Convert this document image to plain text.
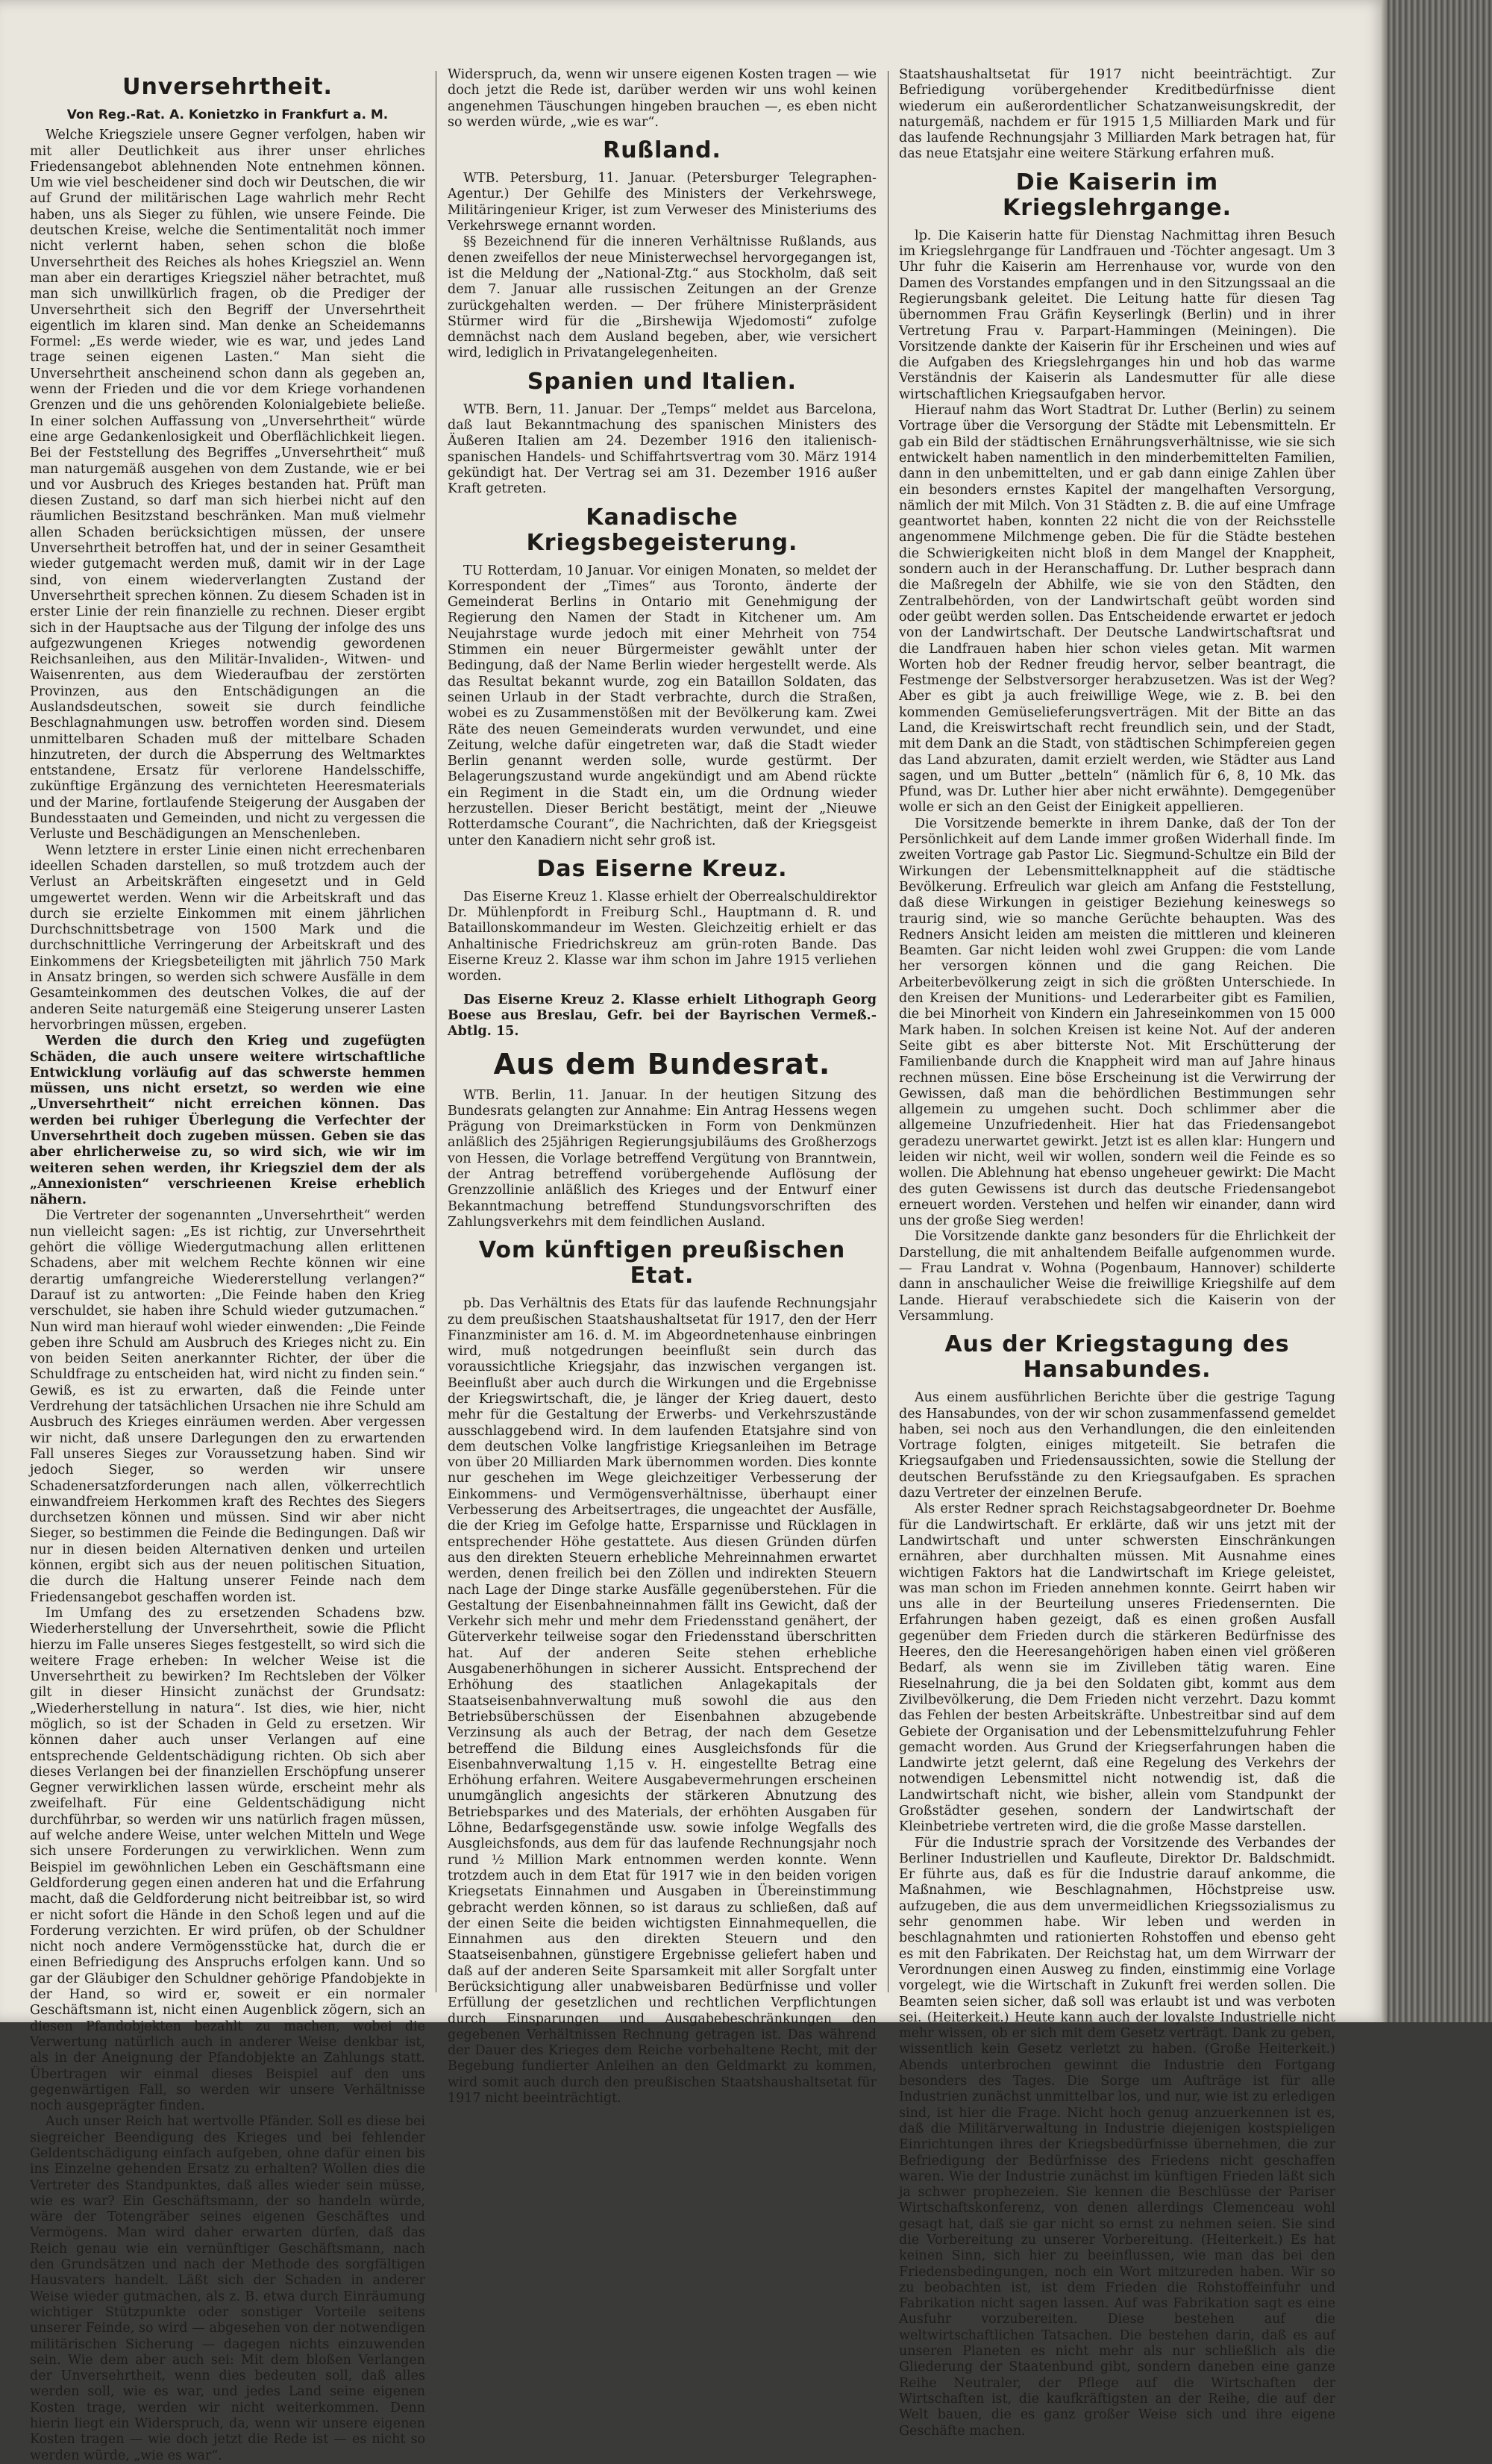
Unversehrtheit.
Von Reg.-Rat. A. Konietzko in Frankfurt a. M.

Welche Kriegsziele unsere Gegner verfolgen, haben wir mit aller Deutlichkeit aus ihrer unser ehrliches Friedensangebot ablehnenden Note entnehmen können. Um wie viel bescheidener sind doch wir Deutschen, die wir auf Grund der militärischen Lage wahrlich mehr Recht haben, uns als Sieger zu fühlen, wie unsere Feinde. Die deutschen Kreise, welche die Sentimentalität noch immer nicht verlernt haben, sehen schon die bloße Unversehrtheit des Reiches als hohes Kriegsziel an. Wenn man aber ein derartiges Kriegsziel näher betrachtet, muß man sich unwillkürlich fragen, ob die Prediger der Unversehrtheit sich den Begriff der Unversehrtheit eigentlich im klaren sind. Man denke an Scheidemanns Formel: „Es werde wieder, wie es war, und jedes Land trage seinen eigenen Lasten.“ Man sieht die Unversehrtheit anscheinend schon dann als gegeben an, wenn der Frieden und die vor dem Kriege vorhandenen Grenzen und die uns gehörenden Kolonialgebiete beließe. In einer solchen Auffassung von „Unversehrtheit“ würde eine arge Gedankenlosigkeit und Oberflächlichkeit liegen. Bei der Feststellung des Begriffes „Unversehrtheit“ muß man naturgemäß ausgehen von dem Zustande, wie er bei und vor Ausbruch des Krieges bestanden hat. Prüft man diesen Zustand, so darf man sich hierbei nicht auf den räumlichen Besitzstand beschränken. Man muß vielmehr allen Schaden berücksichtigen müssen, der unsere Unversehrtheit betroffen hat, und der in seiner Gesamtheit wieder gutgemacht werden muß, damit wir in der Lage sind, von einem wiederverlangten Zustand der Unversehrtheit sprechen können. Zu diesem Schaden ist in erster Linie der rein finanzielle zu rechnen. Dieser ergibt sich in der Hauptsache aus der Tilgung der infolge des uns aufgezwungenen Krieges notwendig gewordenen Reichsanleihen, aus den Militär-Invaliden-, Witwen- und Waisenrenten, aus dem Wiederaufbau der zerstörten Provinzen, aus den Entschädigungen an die Auslandsdeutschen, soweit sie durch feindliche Beschlagnahmungen usw. betroffen worden sind. Diesem unmittelbaren Schaden muß der mittelbare Schaden hinzutreten, der durch die Absperrung des Weltmarktes entstandene, Ersatz für verlorene Handelsschiffe, zukünftige Ergänzung des vernichteten Heeresmaterials und der Marine, fortlaufende Steigerung der Ausgaben der Bundesstaaten und Gemeinden, und nicht zu vergessen die Verluste und Beschädigungen an Menschenleben.

Wenn letztere in erster Linie einen nicht errechenbaren ideellen Schaden darstellen, so muß trotzdem auch der Verlust an Arbeitskräften eingesetzt und in Geld umgewertet werden. Wenn wir die Arbeitskraft und das durch sie erzielte Einkommen mit einem jährlichen Durchschnittsbetrage von 1500 Mark und die durchschnittliche Verringerung der Arbeitskraft und des Einkommens der Kriegsbeteiligten mit jährlich 750 Mark in Ansatz bringen, so werden sich schwere Ausfälle in dem Gesamteinkommen des deutschen Volkes, die auf der anderen Seite naturgemäß eine Steigerung unserer Lasten hervorbringen müssen, ergeben.

Werden die durch den Krieg und zugefügten Schäden, die auch unsere weitere wirtschaftliche Entwicklung vorläufig auf das schwerste hemmen müssen, uns nicht ersetzt, so werden wie eine „Unversehrtheit“ nicht erreichen können. Das werden bei ruhiger Überlegung die Verfechter der Unversehrtheit doch zugeben müssen. Geben sie das aber ehrlicherweise zu, so wird sich, wie wir im weiteren sehen werden, ihr Kriegsziel dem der als „Annexionisten“ verschrieenen Kreise erheblich nähern.

Die Vertreter der sogenannten „Unversehrtheit“ werden nun vielleicht sagen: „Es ist richtig, zur Unversehrtheit gehört die völlige Wiedergutmachung allen erlittenen Schadens, aber mit welchem Rechte können wir eine derartig umfangreiche Wiedererstellung verlangen?“ Darauf ist zu antworten: „Die Feinde haben den Krieg verschuldet, sie haben ihre Schuld wieder gutzumachen.“ Nun wird man hierauf wohl wieder einwenden: „Die Feinde geben ihre Schuld am Ausbruch des Krieges nicht zu. Ein von beiden Seiten anerkannter Richter, der über die Schuldfrage zu entscheiden hat, wird nicht zu finden sein.“ Gewiß, es ist zu erwarten, daß die Feinde unter Verdrehung der tatsächlichen Ursachen nie ihre Schuld am Ausbruch des Krieges einräumen werden. Aber vergessen wir nicht, daß unsere Darlegungen den zu erwartenden Fall unseres Sieges zur Voraussetzung haben. Sind wir jedoch Sieger, so werden wir unsere Schadenersatzforderungen nach allen, völkerrechtlich einwandfreiem Herkommen kraft des Rechtes des Siegers durchsetzen können und müssen. Sind wir aber nicht Sieger, so bestimmen die Feinde die Bedingungen. Daß wir nur in diesen beiden Alternativen denken und urteilen können, ergibt sich aus der neuen politischen Situation, die durch die Haltung unserer Feinde nach dem Friedensangebot geschaffen worden ist.

Im Umfang des zu ersetzenden Schadens bzw. Wiederherstellung der Unversehrtheit, sowie die Pflicht hierzu im Falle unseres Sieges festgestellt, so wird sich die weitere Frage erheben: In welcher Weise ist die Unversehrtheit zu bewirken? Im Rechtsleben der Völker gilt in dieser Hinsicht zunächst der Grundsatz: „Wiederherstellung in natura“. Ist dies, wie hier, nicht möglich, so ist der Schaden in Geld zu ersetzen. Wir können daher auch unser Verlangen auf eine entsprechende Geldentschädigung richten. Ob sich aber dieses Verlangen bei der finanziellen Erschöpfung unserer Gegner verwirklichen lassen würde, erscheint mehr als zweifelhaft. Für eine Geldentschädigung nicht durchführbar, so werden wir uns natürlich fragen müssen, auf welche andere Weise, unter welchen Mitteln und Wege sich unsere Forderungen zu verwirklichen. Wenn zum Beispiel im gewöhnlichen Leben ein Geschäftsmann eine Geldforderung gegen einen anderen hat und die Erfahrung macht, daß die Geldforderung nicht beitreibbar ist, so wird er nicht sofort die Hände in den Schoß legen und auf die Forderung verzichten. Er wird prüfen, ob der Schuldner nicht noch andere Vermögensstücke hat, durch die er einen Befriedigung des Anspruchs erfolgen kann. Und so gar der Gläubiger den Schuldner gehörige Pfandobjekte in der Hand, so wird er, soweit er ein normaler Geschäftsmann ist, nicht einen Augenblick zögern, sich an diesen Pfandobjekten bezahlt zu machen, wobei die Verwertung natürlich auch in anderer Weise denkbar ist, als in der Aneignung der Pfandobjekte an Zahlungs statt. Übertragen wir einmal dieses Beispiel auf den uns gegenwärtigen Fall, so werden wir unsere Verhältnisse noch ausgeprägter finden.

Auch unser Reich hat wertvolle Pfänder. Soll es diese bei siegreicher Beendigung des Krieges und bei fehlender Geldentschädigung einfach aufgeben, ohne dafür einen bis ins Einzelne gehenden Ersatz zu erhalten? Wollen dies die Vertreter des Standpunktes, daß alles wieder sein müsse, wie es war? Ein Geschäftsmann, der so handeln würde, wäre der Totengräber seines eigenen Geschäftes und Vermögens. Man wird daher erwarten dürfen, daß das Reich genau wie ein vernünftiger Geschäftsmann, nach den Grundsätzen und nach der Methode des sorgfältigen Hausvaters handelt. Läßt sich der Schaden in anderer Weise wieder gutmachen, als z. B. etwa durch Einräumung wichtiger Stützpunkte oder sonstiger Vorteile seitens unserer Feinde, so wird — abgesehen von der notwendigen militärischen Sicherung — dagegen nichts einzuwenden sein. Wie dem aber auch sei: Mit dem bloßen Verlangen der Unversehrtheit, wenn dies bedeuten soll, daß alles werden soll, wie es war, und jedes Land seine eigenen Kosten trage, werden wir nicht weiterkommen. Denn hierin liegt ein Widerspruch, da, wenn wir unsere eigenen Kosten tragen — wie doch jetzt die Rede ist — es nicht so werden würde, „wie es war“.

Widerspruch, da, wenn wir unsere eigenen Kosten tragen — wie doch jetzt die Rede ist, darüber werden wir uns wohl keinen angenehmen Täuschungen hingeben brauchen —, es eben nicht so werden würde, „wie es war“.

Rußland.

WTB. Petersburg, 11. Januar. (Petersburger Telegraphen-Agentur.) Der Gehilfe des Ministers der Verkehrswege, Militäringenieur Kriger, ist zum Verweser des Ministeriums des Verkehrswege ernannt worden.

§§ Bezeichnend für die inneren Verhältnisse Rußlands, aus denen zweifellos der neue Ministerwechsel hervorgegangen ist, ist die Meldung der „National-Ztg.“ aus Stockholm, daß seit dem 7. Januar alle russischen Zeitungen an der Grenze zurückgehalten werden. — Der frühere Ministerpräsident Stürmer wird für die „Birshewija Wjedomosti“ zufolge demnächst nach dem Ausland begeben, aber, wie versichert wird, lediglich in Privatangelegenheiten.

Spanien und Italien.

WTB. Bern, 11. Januar. Der „Temps“ meldet aus Barcelona, daß laut Bekanntmachung des spanischen Ministers des Äußeren Italien am 24. Dezember 1916 den italienisch-spanischen Handels- und Schiffahrtsvertrag vom 30. März 1914 gekündigt hat. Der Vertrag sei am 31. Dezember 1916 außer Kraft getreten.

Kanadische Kriegsbegeisterung.

TU Rotterdam, 10 Januar. Vor einigen Monaten, so meldet der Korrespondent der „Times“ aus Toronto, änderte der Gemeinderat Berlins in Ontario mit Genehmigung der Regierung den Namen der Stadt in Kitchener um. Am Neujahrstage wurde jedoch mit einer Mehrheit von 754 Stimmen ein neuer Bürgermeister gewählt unter der Bedingung, daß der Name Berlin wieder hergestellt werde. Als das Resultat bekannt wurde, zog ein Bataillon Soldaten, das seinen Urlaub in der Stadt verbrachte, durch die Straßen, wobei es zu Zusammenstößen mit der Bevölkerung kam. Zwei Räte des neuen Gemeinderats wurden verwundet, und eine Zeitung, welche dafür eingetreten war, daß die Stadt wieder Berlin genannt werden solle, wurde gestürmt. Der Belagerungszustand wurde angekündigt und am Abend rückte ein Regiment in die Stadt ein, um die Ordnung wieder herzustellen. Dieser Bericht bestätigt, meint der „Nieuwe Rotterdamsche Courant“, die Nachrichten, daß der Kriegsgeist unter den Kanadiern nicht sehr groß ist.

Das Eiserne Kreuz.

Das Eiserne Kreuz 1. Klasse erhielt der Oberrealschuldirektor Dr. Mühlenpfordt in Freiburg Schl., Hauptmann d. R. und Bataillonskommandeur im Westen. Gleichzeitig erhielt er das Anhaltinische Friedrichskreuz am grün-roten Bande. Das Eiserne Kreuz 2. Klasse war ihm schon im Jahre 1915 verliehen worden.

Das Eiserne Kreuz 2. Klasse erhielt Lithograph Georg Boese aus Breslau, Gefr. bei der Bayrischen Vermeß.-Abtlg. 15.

Aus dem Bundesrat.

WTB. Berlin, 11. Januar. In der heutigen Sitzung des Bundesrats gelangten zur Annahme: Ein Antrag Hessens wegen Prägung von Dreimarkstücken in Form von Denkmünzen anläßlich des 25jährigen Regierungsjubiläums des Großherzogs von Hessen, die Vorlage betreffend Vergütung von Branntwein, der Antrag betreffend vorübergehende Auflösung der Grenzzollinie anläßlich des Krieges und der Entwurf einer Bekanntmachung betreffend Stundungsvorschriften des Zahlungsverkehrs mit dem feindlichen Ausland.

Vom künftigen preußischen Etat.

pb. Das Verhältnis des Etats für das laufende Rechnungsjahr zu dem preußischen Staatshaushaltsetat für 1917, den der Herr Finanzminister am 16. d. M. im Abgeordnetenhause einbringen wird, muß notgedrungen beeinflußt sein durch das voraussichtliche Kriegsjahr, das inzwischen vergangen ist. Beeinflußt aber auch durch die Wirkungen und die Ergebnisse der Kriegswirtschaft, die, je länger der Krieg dauert, desto mehr für die Gestaltung der Erwerbs- und Verkehrszustände ausschlaggebend wird. In dem laufenden Etatsjahre sind von dem deutschen Volke langfristige Kriegsanleihen im Betrage von über 20 Milliarden Mark übernommen worden. Dies konnte nur geschehen im Wege gleichzeitiger Verbesserung der Einkommens- und Vermögensverhältnisse, überhaupt einer Verbesserung des Arbeitsertrages, die ungeachtet der Ausfälle, die der Krieg im Gefolge hatte, Ersparnisse und Rücklagen in entsprechender Höhe gestattete. Aus diesen Gründen dürfen aus den direkten Steuern erhebliche Mehreinnahmen erwartet werden, denen freilich bei den Zöllen und indirekten Steuern nach Lage der Dinge starke Ausfälle gegenüberstehen. Für die Gestaltung der Eisenbahneinnahmen fällt ins Gewicht, daß der Verkehr sich mehr und mehr dem Friedensstand genähert, der Güterverkehr teilweise sogar den Friedensstand überschritten hat. Auf der anderen Seite stehen erhebliche Ausgabenerhöhungen in sicherer Aussicht. Entsprechend der Erhöhung des staatlichen Anlagekapitals der Staatseisenbahnverwaltung muß sowohl die aus den Betriebsüberschüssen der Eisenbahnen abzugebende Verzinsung als auch der Betrag, der nach dem Gesetze betreffend die Bildung eines Ausgleichsfonds für die Eisenbahnverwaltung 1,15 v. H. eingestellte Betrag eine Erhöhung erfahren. Weitere Ausgabevermehrungen erscheinen unumgänglich angesichts der stärkeren Abnutzung des Betriebsparkes und des Materials, der erhöhten Ausgaben für Löhne, Bedarfsgegenstände usw. sowie infolge Wegfalls des Ausgleichsfonds, aus dem für das laufende Rechnungsjahr noch rund ½ Million Mark entnommen werden konnte. Wenn trotzdem auch in dem Etat für 1917 wie in den beiden vorigen Kriegsetats Einnahmen und Ausgaben in Übereinstimmung gebracht werden können, so ist daraus zu schließen, daß auf der einen Seite die beiden wichtigsten Einnahmequellen, die Einnahmen aus den direkten Steuern und den Staatseisenbahnen, günstigere Ergebnisse geliefert haben und daß auf der anderen Seite Sparsamkeit mit aller Sorgfalt unter Berücksichtigung aller unabweisbaren Bedürfnisse und voller Erfüllung der gesetzlichen und rechtlichen Verpflichtungen durch Einsparungen und Ausgabebeschränkungen den gegebenen Verhältnissen Rechnung getragen ist. Das während der Dauer des Krieges dem Reiche vorbehaltene Recht, mit der Begebung fundierter Anleihen an den Geldmarkt zu kommen, wird somit auch durch den preußischen Staatshaushaltsetat für 1917 nicht beeinträchtigt.

Staatshaushaltsetat für 1917 nicht beeinträchtigt. Zur Befriedigung vorübergehender Kreditbedürfnisse dient wiederum ein außerordentlicher Schatzanweisungskredit, der naturgemäß, nachdem er für 1915 1,5 Milliarden Mark und für das laufende Rechnungsjahr 3 Milliarden Mark betragen hat, für das neue Etatsjahr eine weitere Stärkung erfahren muß.

Die Kaiserin im Kriegslehrgange.

lp. Die Kaiserin hatte für Dienstag Nachmittag ihren Besuch im Kriegslehrgange für Landfrauen und -Töchter angesagt. Um 3 Uhr fuhr die Kaiserin am Herrenhause vor, wurde von den Damen des Vorstandes empfangen und in den Sitzungssaal an die Regierungsbank geleitet. Die Leitung hatte für diesen Tag übernommen Frau Gräfin Keyserlingk (Berlin) und in ihrer Vertretung Frau v. Parpart-Hammingen (Meiningen). Die Vorsitzende dankte der Kaiserin für ihr Erscheinen und wies auf die Aufgaben des Kriegslehrganges hin und hob das warme Verständnis der Kaiserin als Landesmutter für alle diese wirtschaftlichen Kriegsaufgaben hervor.

Hierauf nahm das Wort Stadtrat Dr. Luther (Berlin) zu seinem Vortrage über die Versorgung der Städte mit Lebensmitteln. Er gab ein Bild der städtischen Ernährungsverhältnisse, wie sie sich entwickelt haben namentlich in den minderbemittelten Familien, dann in den unbemittelten, und er gab dann einige Zahlen über ein besonders ernstes Kapitel der mangelhaften Versorgung, nämlich der mit Milch. Von 31 Städten z. B. die auf eine Umfrage geantwortet haben, konnten 22 nicht die von der Reichsstelle angenommene Milchmenge geben. Die für die Städte bestehen die Schwierigkeiten nicht bloß in dem Mangel der Knappheit, sondern auch in der Heranschaffung. Dr. Luther besprach dann die Maßregeln der Abhilfe, wie sie von den Städten, den Zentralbehörden, von der Landwirtschaft geübt worden sind oder geübt werden sollen. Das Entscheidende erwartet er jedoch von der Landwirtschaft. Der Deutsche Landwirtschaftsrat und die Landfrauen haben hier schon vieles getan. Mit warmen Worten hob der Redner freudig hervor, selber beantragt, die Festmenge der Selbstversorger herabzusetzen. Was ist der Weg? Aber es gibt ja auch freiwillige Wege, wie z. B. bei den kommenden Gemüselieferungsverträgen. Mit der Bitte an das Land, die Kreiswirtschaft recht freundlich sein, und der Stadt, mit dem Dank an die Stadt, von städtischen Schimpfereien gegen das Land abzuraten, damit erzielt werden, wie Städter aus Land sagen, und um Butter „betteln“ (nämlich für 6, 8, 10 Mk. das Pfund, was Dr. Luther hier aber nicht erwähnte). Demgegenüber wolle er sich an den Geist der Einigkeit appellieren.

Die Vorsitzende bemerkte in ihrem Danke, daß der Ton der Persönlichkeit auf dem Lande immer großen Widerhall finde. Im zweiten Vortrage gab Pastor Lic. Siegmund-Schultze ein Bild der Wirkungen der Lebensmittelknappheit auf die städtische Bevölkerung. Erfreulich war gleich am Anfang die Feststellung, daß diese Wirkungen in geistiger Beziehung keineswegs so traurig sind, wie so manche Gerüchte behaupten. Was des Redners Ansicht leiden am meisten die mittleren und kleineren Beamten. Gar nicht leiden wohl zwei Gruppen: die vom Lande her versorgen können und die gang Reichen. Die Arbeiterbevölkerung zeigt in sich die größten Unterschiede. In den Kreisen der Munitions- und Lederarbeiter gibt es Familien, die bei Minorheit von Kindern ein Jahreseinkommen von 15 000 Mark haben. In solchen Kreisen ist keine Not. Auf der anderen Seite gibt es aber bitterste Not. Mit Erschütterung der Familienbande durch die Knappheit wird man auf Jahre hinaus rechnen müssen. Eine böse Erscheinung ist die Verwirrung der Gewissen, daß man die behördlichen Bestimmungen sehr allgemein zu umgehen sucht. Doch schlimmer aber die allgemeine Unzufriedenheit. Hier hat das Friedensangebot geradezu unerwartet gewirkt. Jetzt ist es allen klar: Hungern und leiden wir nicht, weil wir wollen, sondern weil die Feinde es so wollen. Die Ablehnung hat ebenso ungeheuer gewirkt: Die Macht des guten Gewissens ist durch das deutsche Friedensangebot erneuert worden. Verstehen und helfen wir einander, dann wird uns der große Sieg werden!

Die Vorsitzende dankte ganz besonders für die Ehrlichkeit der Darstellung, die mit anhaltendem Beifalle aufgenommen wurde. — Frau Landrat v. Wohna (Pogenbaum, Hannover) schilderte dann in anschaulicher Weise die freiwillige Kriegshilfe auf dem Lande. Hierauf verabschiedete sich die Kaiserin von der Versammlung.

Aus der Kriegstagung des Hansabundes.

Aus einem ausführlichen Berichte über die gestrige Tagung des Hansabundes, von der wir schon zusammenfassend gemeldet haben, sei noch aus den Verhandlungen, die den einleitenden Vortrage folgten, einiges mitgeteilt. Sie betrafen die Kriegsaufgaben und Friedensaussichten, sowie die Stellung der deutschen Berufsstände zu den Kriegsaufgaben. Es sprachen dazu Vertreter der einzelnen Berufe.

Als erster Redner sprach Reichstagsabgeordneter Dr. Boehme für die Landwirtschaft. Er erklärte, daß wir uns jetzt mit der Landwirtschaft und unter schwersten Einschränkungen ernähren, aber durchhalten müssen. Mit Ausnahme eines wichtigen Faktors hat die Landwirtschaft im Kriege geleistet, was man schon im Frieden annehmen konnte. Geirrt haben wir uns alle in der Beurteilung unseres Friedensernten. Die Erfahrungen haben gezeigt, daß es einen großen Ausfall gegenüber dem Frieden durch die stärkeren Bedürfnisse des Heeres, den die Heeresangehörigen haben einen viel größeren Bedarf, als wenn sie im Zivilleben tätig waren. Eine Rieselnahrung, die ja bei den Soldaten gibt, kommt aus dem Zivilbevölkerung, die Dem Frieden nicht verzehrt. Dazu kommt das Fehlen der besten Arbeitskräfte. Unbestreitbar sind auf dem Gebiete der Organisation und der Lebensmittelzufuhrung Fehler gemacht worden. Aus Grund der Kriegserfahrungen haben die Landwirte jetzt gelernt, daß eine Regelung des Verkehrs der notwendigen Lebensmittel nicht notwendig ist, daß die Landwirtschaft nicht, wie bisher, allein vom Standpunkt der Großstädter gesehen, sondern der Landwirtschaft der Kleinbetriebe vertreten wird, die die große Masse darstellen.

Für die Industrie sprach der Vorsitzende des Verbandes der Berliner Industriellen und Kaufleute, Direktor Dr. Baldschmidt. Er führte aus, daß es für die Industrie darauf ankomme, die Maßnahmen, wie Beschlagnahmen, Höchstpreise usw. aufzugeben, die aus dem unvermeidlichen Kriegssozialismus zu sehr genommen habe. Wir leben und werden in beschlagnahmten und rationierten Rohstoffen und ebenso geht es mit den Fabrikaten. Der Reichstag hat, um dem Wirrwarr der Verordnungen einen Ausweg zu finden, einstimmig eine Vorlage vorgelegt, wie die Wirtschaft in Zukunft frei werden sollen. Die Beamten seien sicher, daß soll was erlaubt ist und was verboten sei. (Heiterkeit.) Heute kann auch der loyalste Industrielle nicht mehr wissen, ob er sich mit dem Gesetz verträgt. Dank zu geben, wissentlich kein Gesetz verletzt zu haben. (Große Heiterkeit.) Abends unterbrochen gewinnt die Industrie den Fortgang besonders des Tages. Die Sorge um Aufträge ist für alle Industrien zunächst unmittelbar los, und nur, wie ist zu erledigen sind, ist hier die Frage. Nicht hoch genug anzuerkennen ist es, daß die Militärverwaltung in Industrie diejenigen kostspieligen Einrichtungen ihres der Kriegsbedürfnisse übernehmen, die zur Befriedigung der Bedürfnisse des Friedens nicht geschaffen waren. Wie der Industrie zunächst im künftigen Frieden läßt sich ja schwer prophezeien. Sie kennen die Beschlüsse der Pariser Wirtschaftskonferenz, von denen allerdings Clemenceau wohl gesagt hat, daß sie gar nicht so ernst zu nehmen seien. Sie sind die Vorbereitung zu unserer Vorbereitung. (Heiterkeit.) Es hat keinen Sinn, sich hier zu beeinflussen, wie man das bei den Friedensbedingungen, noch ein Wort mitzureden haben. Wir so zu beobachten ist, ist dem Frieden die Rohstoffeinfuhr und Fabrikation nicht sagen lassen. Auf was Fabrikation sagt es eine Ausfuhr vorzubereiten. Diese bestehen auf die weltwirtschaftlichen Tatsachen. Die bestehen darin, daß es auf unseren Planeten es nicht mehr als nur schließlich als die Gliederung der Staatenbund gibt, sondern daneben eine ganze Reihe Neutraler, der Pflege auf die Wirtschaften der Wirtschaften ist, die kaufkräftigsten an der Reihe, die auf der Welt bauen, die es ganz großer Weise sich und ihre eigene Geschäfte machen.
